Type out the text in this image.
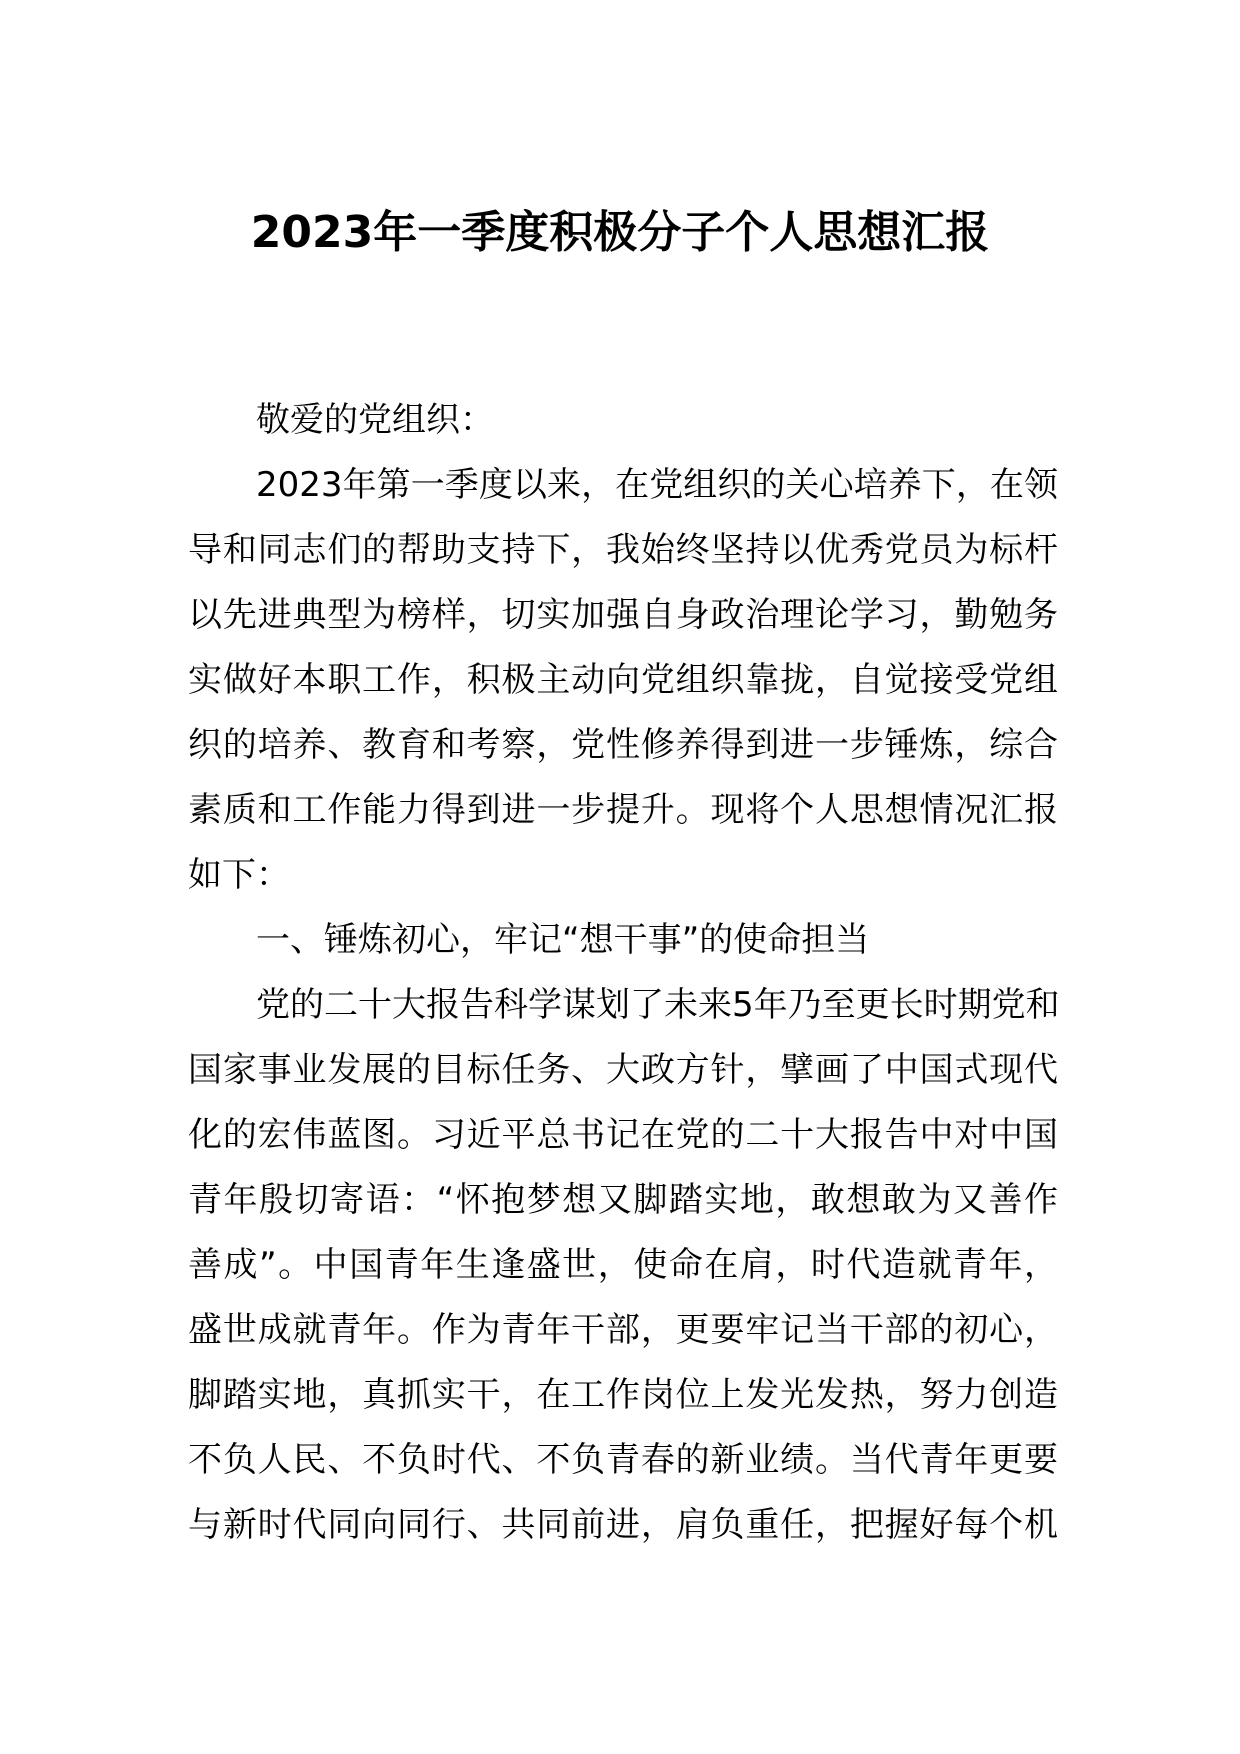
2023年一季度积极分子个人思想汇报
敬爱的党组织：
2023年第一季度以来，在党组织的关心培养下，在领
导和同志们的帮助支持下，我始终坚持以优秀党员为标杆
以先进典型为榜样，切实加强自身政治理论学习，勤勉务
实做好本职工作，积极主动向党组织靠拢，自觉接受党组
织的培养、教育和考察，党性修养得到进一步锤炼，综合
素质和工作能力得到进一步提升。现将个人思想情况汇报
如下：
一、锤炼初心，牢记“想干事”的使命担当
党的二十大报告科学谋划了未来5年乃至更长时期党和
国家事业发展的目标任务、大政方针，擘画了中国式现代
化的宏伟蓝图。习近平总书记在党的二十大报告中对中国
青年殷切寄语：“怀抱梦想又脚踏实地，敢想敢为又善作
善成”。中国青年生逢盛世，使命在肩，时代造就青年，
盛世成就青年。作为青年干部，更要牢记当干部的初心，
脚踏实地，真抓实干，在工作岗位上发光发热，努力创造
不负人民、不负时代、不负青春的新业绩。当代青年更要
与新时代同向同行、共同前进，肩负重任，把握好每个机
